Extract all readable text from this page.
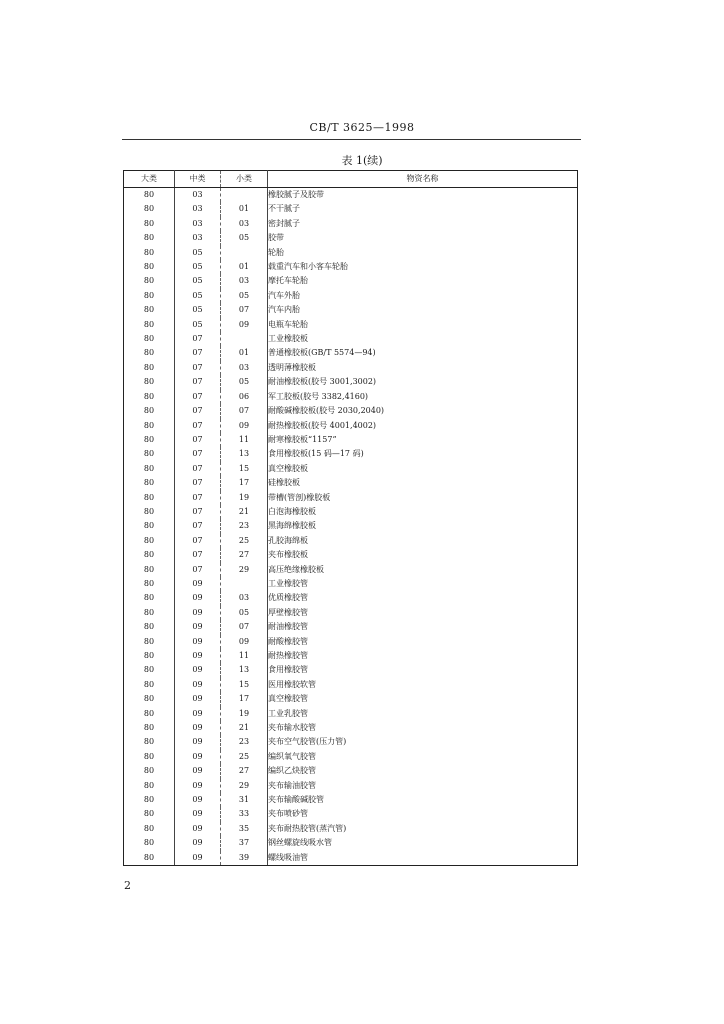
CB/T 3625—1998
表 1(续)
大类	中类	小类	物资名称
80	03		橡胶腻子及胶带
80	03	01	不干腻子
80	03	03	密封腻子
80	03	05	胶带
80	05		轮胎
80	05	01	载重汽车和小客车轮胎
80	05	03	摩托车轮胎
80	05	05	汽车外胎
80	05	07	汽车内胎
80	05	09	电瓶车轮胎
80	07		工业橡胶板
80	07	01	普通橡胶板(GB/T 5574—94)
80	07	03	透明薄橡胶板
80	07	05	耐油橡胶板(胶号 3001,3002)
80	07	06	军工胶板(胶号 3382,4160)
80	07	07	耐酸碱橡胶板(胶号 2030,2040)
80	07	09	耐热橡胶板(胶号 4001,4002)
80	07	11	耐寒橡胶板“1157”
80	07	13	食用橡胶板(15 码—17 码)
80	07	15	真空橡胶板
80	07	17	硅橡胶板
80	07	19	带槽(管剖)橡胶板
80	07	21	白泡海橡胶板
80	07	23	黑海绵橡胶板
80	07	25	孔胶海绵板
80	07	27	夹布橡胶板
80	07	29	高压绝缘橡胶板
80	09		工业橡胶管
80	09	03	优质橡胶管
80	09	05	厚壁橡胶管
80	09	07	耐油橡胶管
80	09	09	耐酸橡胶管
80	09	11	耐热橡胶管
80	09	13	食用橡胶管
80	09	15	医用橡胶软管
80	09	17	真空橡胶管
80	09	19	工业乳胶管
80	09	21	夹布输水胶管
80	09	23	夹布空气胶管(压力管)
80	09	25	编织氧气胶管
80	09	27	编织乙炔胶管
80	09	29	夹布输油胶管
80	09	31	夹布输酸碱胶管
80	09	33	夹布喷砂管
80	09	35	夹布耐热胶管(蒸汽管)
80	09	37	钢丝螺旋线吸水管
80	09	39	螺线吸油管
2
